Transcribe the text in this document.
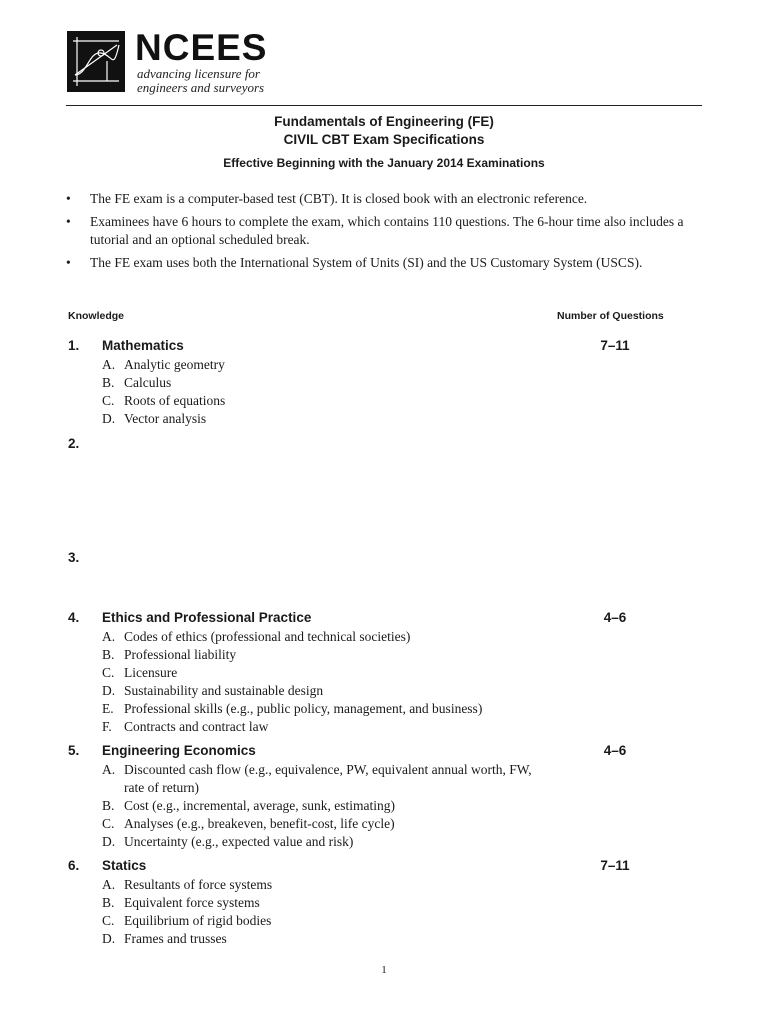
NCEES
advancing licensure for
engineers and surveyors
Fundamentals of Engineering (FE)
CIVIL CBT Exam Specifications
Effective Beginning with the January 2014 Examinations
• The FE exam is a computer-based test (CBT). It is closed book with an electronic reference.
• Examinees have 6 hours to complete the exam, which contains 110 questions. The 6-hour time also includes a tutorial and an optional scheduled break.
• The FE exam uses both the International System of Units (SI) and the US Customary System (USCS).
Knowledge	Number of Questions
1. Mathematics	7–11
A. Analytic geometry
B. Calculus
C. Roots of equations
D. Vector analysis
2.
3.
4. Ethics and Professional Practice	4–6
A. Codes of ethics (professional and technical societies)
B. Professional liability
C. Licensure
D. Sustainability and sustainable design
E. Professional skills (e.g., public policy, management, and business)
F. Contracts and contract law
5. Engineering Economics	4–6
A. Discounted cash flow (e.g., equivalence, PW, equivalent annual worth, FW, rate of return)
B. Cost (e.g., incremental, average, sunk, estimating)
C. Analyses (e.g., breakeven, benefit-cost, life cycle)
D. Uncertainty (e.g., expected value and risk)
6. Statics	7–11
A. Resultants of force systems
B. Equivalent force systems
C. Equilibrium of rigid bodies
D. Frames and trusses
1
